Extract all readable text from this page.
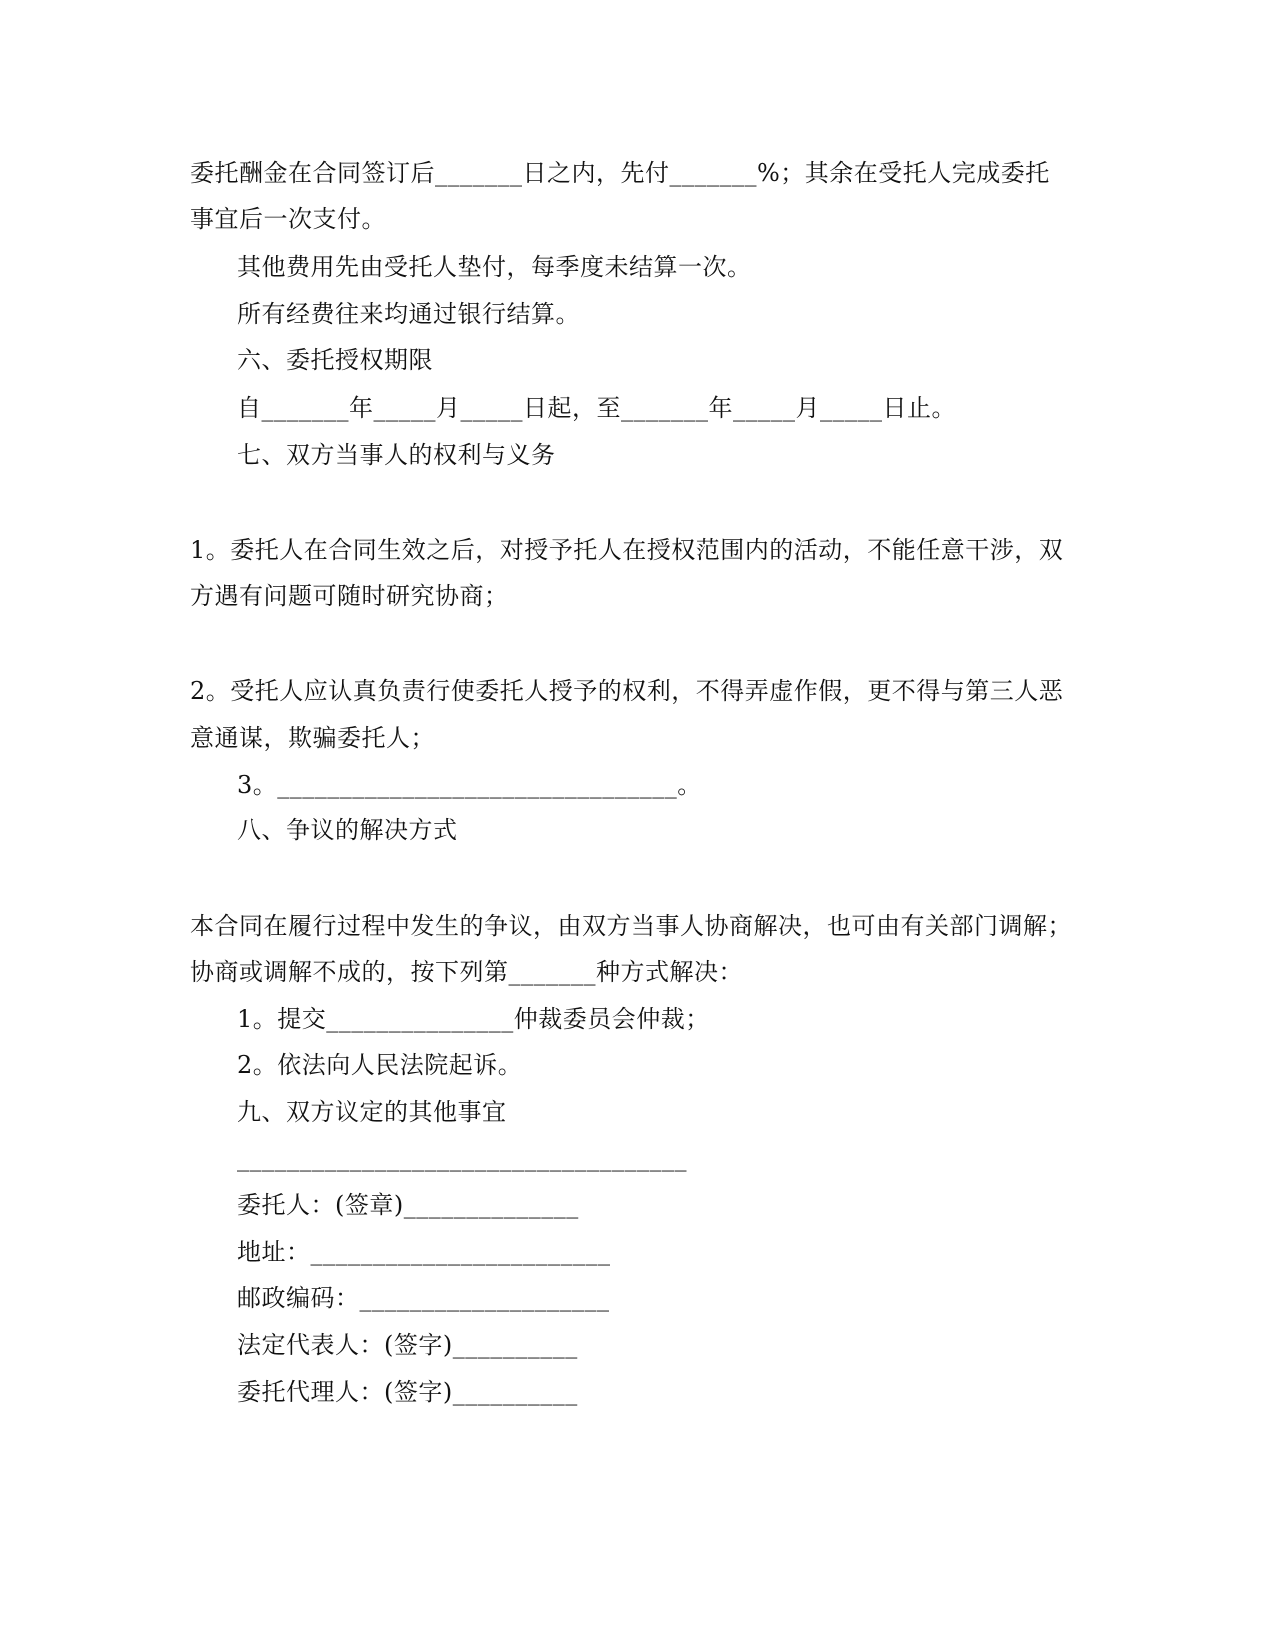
委托酬金在合同签订后_______日之内，先付_______%；其余在受托人完成委托
事宜后一次支付。
其他费用先由受托人垫付，每季度未结算一次。
所有经费往来均通过银行结算。
六、委托授权期限
自_______年_____月_____日起，至_______年_____月_____日止。
七、双方当事人的权利与义务
1。委托人在合同生效之后，对授予托人在授权范围内的活动，不能任意干涉，双
方遇有问题可随时研究协商；
2。受托人应认真负责行使委托人授予的权利，不得弄虚作假，更不得与第三人恶
意通谋，欺骗委托人；
3。________________________________。
八、争议的解决方式
本合同在履行过程中发生的争议，由双方当事人协商解决，也可由有关部门调解；
协商或调解不成的，按下列第_______种方式解决：
1。提交_______________仲裁委员会仲裁；
2。依法向人民法院起诉。
九、双方议定的其他事宜
____________________________________
委托人：(签章)______________
地址：________________________
邮政编码：____________________
法定代表人：(签字)__________
委托代理人：(签字)__________
